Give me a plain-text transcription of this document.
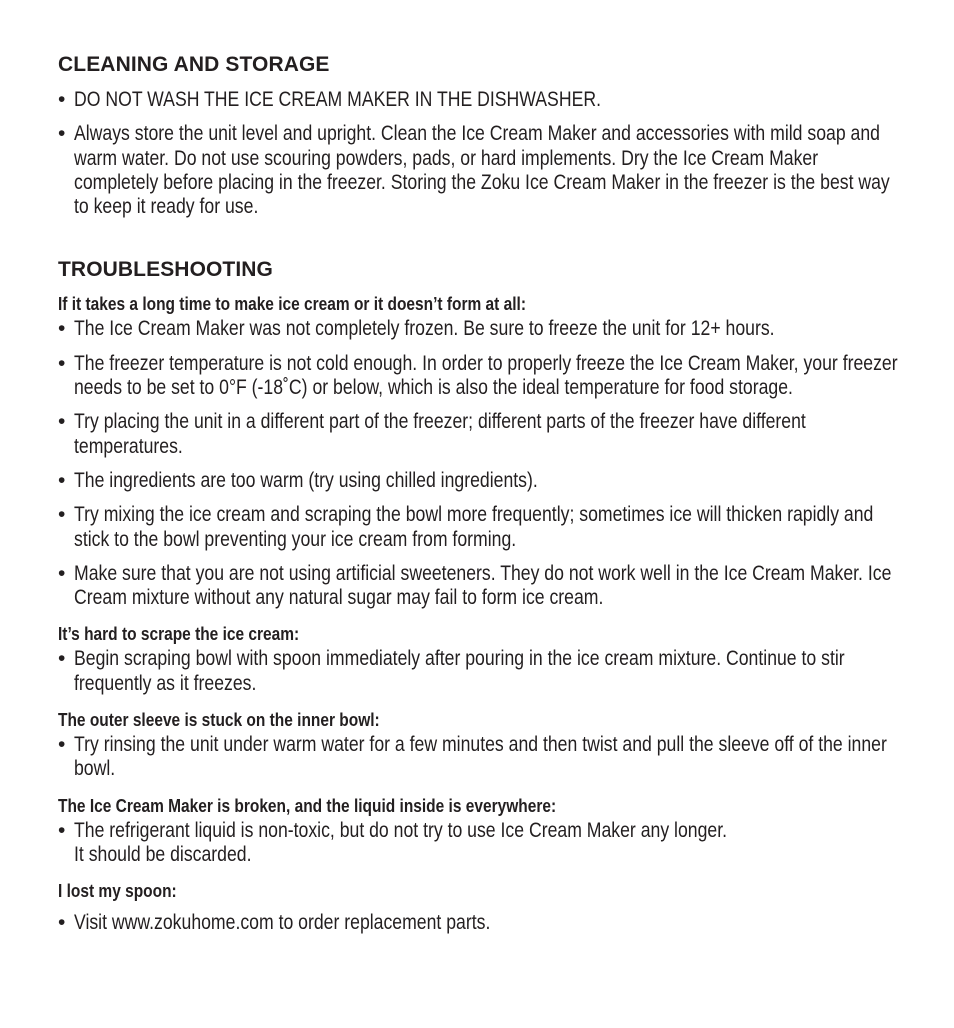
CLEANING AND STORAGE
• DO NOT WASH THE ICE CREAM MAKER IN THE DISHWASHER.
• Always store the unit level and upright. Clean the Ice Cream Maker and accessories with mild soap and warm water. Do not use scouring powders, pads, or hard implements. Dry the Ice Cream Maker completely before placing in the freezer. Storing the Zoku Ice Cream Maker in the freezer is the best way to keep it ready for use.
TROUBLESHOOTING
If it takes a long time to make ice cream or it doesn’t form at all:
• The Ice Cream Maker was not completely frozen. Be sure to freeze the unit for 12+ hours.
• The freezer temperature is not cold enough. In order to properly freeze the Ice Cream Maker, your freezer needs to be set to 0°F (-18˚C) or below, which is also the ideal temperature for food storage.
• Try placing the unit in a different part of the freezer; different parts of the freezer have different temperatures.
• The ingredients are too warm (try using chilled ingredients).
• Try mixing the ice cream and scraping the bowl more frequently; sometimes ice will thicken rapidly and stick to the bowl preventing your ice cream from forming.
• Make sure that you are not using artificial sweeteners. They do not work well in the Ice Cream Maker. Ice Cream mixture without any natural sugar may fail to form ice cream.
It’s hard to scrape the ice cream:
• Begin scraping bowl with spoon immediately after pouring in the ice cream mixture. Continue to stir frequently as it freezes.
The outer sleeve is stuck on the inner bowl:
• Try rinsing the unit under warm water for a few minutes and then twist and pull the sleeve off of the inner bowl.
The Ice Cream Maker is broken, and the liquid inside is everywhere:
• The refrigerant liquid is non-toxic, but do not try to use Ice Cream Maker any longer.
It should be discarded.
I lost my spoon:
• Visit www.zokuhome.com to order replacement parts.
